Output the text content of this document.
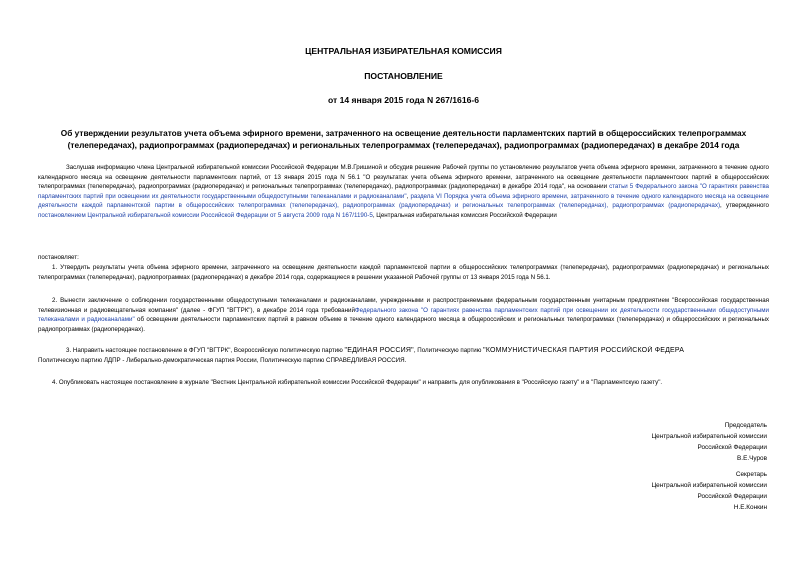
ЦЕНТРАЛЬНАЯ ИЗБИРАТЕЛЬНАЯ КОМИССИЯ
ПОСТАНОВЛЕНИЕ
от 14 января 2015 года N 267/1616-6
Об утверждении результатов учета объема эфирного времени, затраченного на освещение деятельности парламентских партий в общероссийских телепрограммах (телепередачах), радиопрограммах (радиопередачах) и региональных телепрограммах (телепередачах), радиопрограммах (радиопередачах) в декабре 2014 года
Заслушав информацию члена Центральной избирательной комиссии Российской Федерации М.В.Гришиной и обсудив решение Рабочей группы по установлению результатов учета объема эфирного времени, затраченного в течение одного календарного месяца на освещение деятельности парламентских партий, от 13 января 2015 года N 56.1 "О результатах учета объема эфирного времени, затраченного на освещение деятельности парламентских партий в общероссийских телепрограммах (телепередачах), радиопрограммах (радиопередачах) и региональных телепрограммах (телепередачах), радиопрограммах (радиопередачах) в декабре 2014 года", на основании статьи 5 Федерального закона "О гарантиях равенства парламентских партий при освещении их деятельности государственными общедоступными телеканалами и радиоканалами", раздела VI Порядка учета объема эфирного времени, затраченного в течение одного календарного месяца на освещение деятельности каждой парламентской партии в общероссийских телепрограммах (телепередачах), радиопрограммах (радиопередачах) и региональных телепрограммах (телепередачах), радиопрограммах (радиопередачах), утвержденного постановлением Центральной избирательной комиссии Российской Федерации от 5 августа 2009 года N 167/1190-5, Центральная избирательная комиссия Российской Федерации
постановляет:
1. Утвердить результаты учета объема эфирного времени, затраченного на освещение деятельности каждой парламентской партии в общероссийских телепрограммах (телепередачах), радиопрограммах (радиопередачах) и региональных телепрограммах (телепередачах), радиопрограммах (радиопередачах) в декабре 2014 года, содержащиеся в решении указанной Рабочей группы от 13 января 2015 года N 56.1.
2. Вынести заключение о соблюдении государственными общедоступными телеканалами и радиоканалами, учрежденными и распространяемыми федеральным государственным унитарным предприятием "Всероссийская государственная телевизионная и радиовещательная компания" (далее - ФГУП "ВГТРК"), в декабре 2014 года требованийФедерального закона "О гарантиях равенства парламентских партий при освещении их деятельности государственными общедоступными телеканалами и радиоканалами" об освещении деятельности парламентских партий в равном объеме в течение одного календарного месяца в общероссийских и региональных телепрограммах (телепередачах) и общероссийских и региональных радиопрограммах (радиопередачах).
3. Направить настоящее постановление в ФГУП "ВГТРК", Всероссийскую политическую партию "ЕДИНАЯ РОССИЯ", Политическую партию "КОММУНИСТИЧЕСКАЯ ПАРТИЯ РОССИЙСКОЙ ФЕДЕРА
Политическую партию ЛДПР - Либерально-демократическая партия России, Политическую партию СПРАВЕДЛИВАЯ РОССИЯ.
4. Опубликовать настоящее постановление в журнале "Вестник Центральной избирательной комиссии Российской Федерации" и направить для опубликования в "Российскую газету" и в "Парламентскую газету".
Председатель
Центральной избирательной комиссии
Российской Федерации
В.Е.Чуров
Секретарь
Центральной избирательной комиссии
Российской Федерации
Н.Е.Конкин
